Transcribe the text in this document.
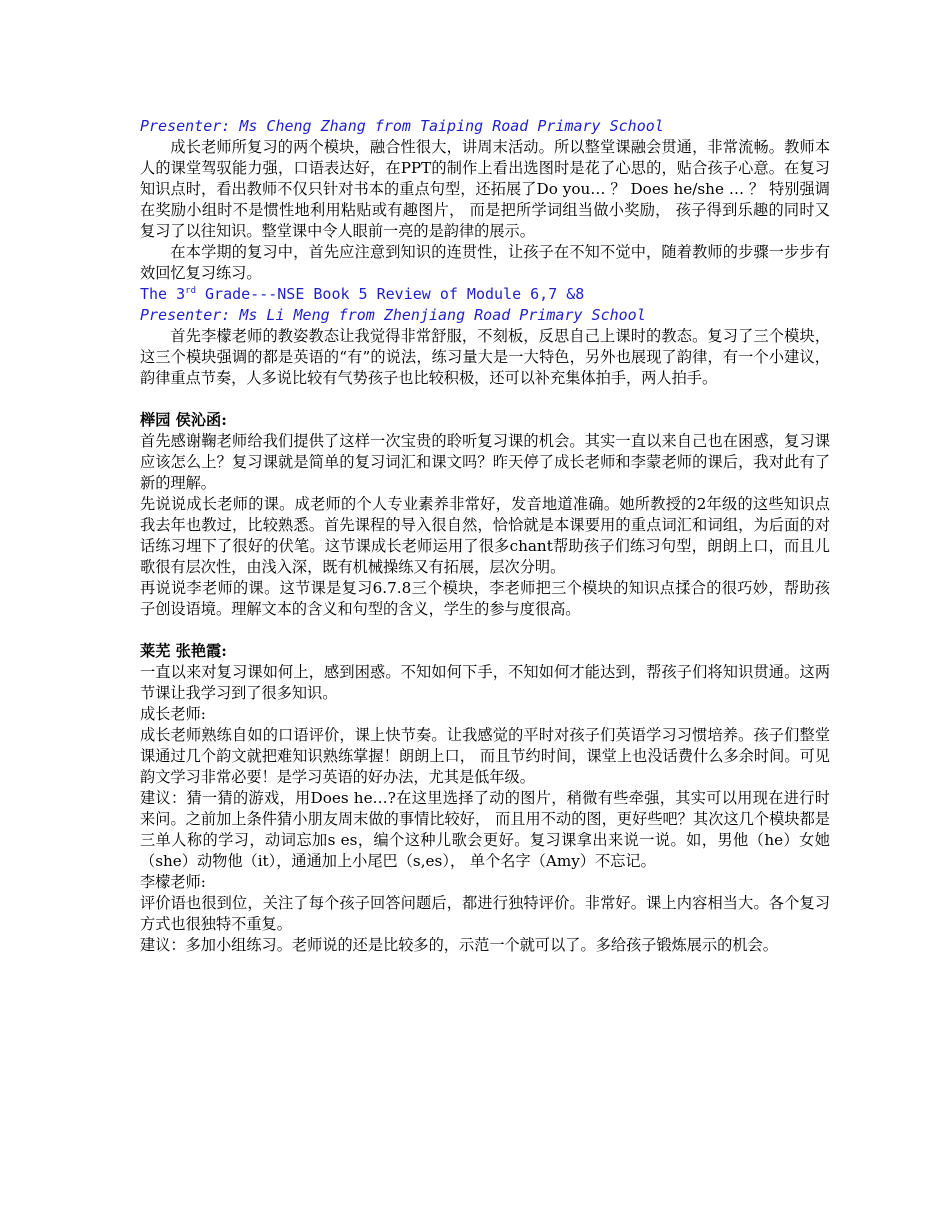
Presenter: Ms Cheng Zhang from Taiping Road Primary School

成长老师所复习的两个模块，融合性很大，讲周末活动。所以整堂课融会贯通，非常流畅。教师本人的课堂驾驭能力强，口语表达好，在PPT的制作上看出选图时是花了心思的，贴合孩子心意。在复习知识点时，看出教师不仅只针对书本的重点句型，还拓展了Do you… ？ Does he/she … ？ 特别强调在奖励小组时不是惯性地利用粘贴或有趣图片， 而是把所学词组当做小奖励， 孩子得到乐趣的同时又复习了以往知识。整堂课中令人眼前一亮的是韵律的展示。

在本学期的复习中，首先应注意到知识的连贯性，让孩子在不知不觉中，随着教师的步骤一步步有效回忆复习练习。

The 3rd Grade---NSE Book 5 Review of Module 6,7 &8

Presenter: Ms Li Meng from Zhenjiang Road Primary School

首先李檬老师的教姿教态让我觉得非常舒服，不刻板，反思自己上课时的教态。复习了三个模块，这三个模块强调的都是英语的“有”的说法，练习量大是一大特色，另外也展现了韵律，有一个小建议，韵律重点节奏，人多说比较有气势孩子也比较积极，还可以补充集体拍手，两人拍手。

榉园 侯沁函:

首先感谢鞠老师给我们提供了这样一次宝贵的聆听复习课的机会。其实一直以来自己也在困惑，复习课应该怎么上？复习课就是简单的复习词汇和课文吗？昨天停了成长老师和李蒙老师的课后，我对此有了新的理解。

先说说成长老师的课。成老师的个人专业素养非常好，发音地道准确。她所教授的2年级的这些知识点我去年也教过，比较熟悉。首先课程的导入很自然，恰恰就是本课要用的重点词汇和词组，为后面的对话练习埋下了很好的伏笔。这节课成长老师运用了很多chant帮助孩子们练习句型，朗朗上口，而且儿歌很有层次性，由浅入深，既有机械操练又有拓展，层次分明。

再说说李老师的课。这节课是复习6.7.8三个模块，李老师把三个模块的知识点揉合的很巧妙，帮助孩子创设语境。理解文本的含义和句型的含义，学生的参与度很高。

莱芜 张艳霞:

一直以来对复习课如何上，感到困惑。不知如何下手，不知如何才能达到，帮孩子们将知识贯通。这两节课让我学习到了很多知识。

成长老师:

成长老师熟练自如的口语评价，课上快节奏。让我感觉的平时对孩子们英语学习习惯培养。孩子们整堂课通过几个韵文就把难知识熟练掌握！朗朗上口， 而且节约时间，课堂上也没话费什么多余时间。可见韵文学习非常必要！是学习英语的好办法，尤其是低年级。

建议：猜一猜的游戏，用Does he…?在这里选择了动的图片，稍微有些牵强，其实可以用现在进行时来问。之前加上条件猜小朋友周末做的事情比较好， 而且用不动的图，更好些吧？其次这几个模块都是三单人称的学习，动词忘加s es，编个这种儿歌会更好。复习课拿出来说一说。如，男他（he）女她（she）动物他（it），通通加上小尾巴（s,es）， 单个名字（Amy）不忘记。

李檬老师:

评价语也很到位，关注了每个孩子回答问题后，都进行独特评价。非常好。课上内容相当大。各个复习方式也很独特不重复。

建议：多加小组练习。老师说的还是比较多的，示范一个就可以了。多给孩子锻炼展示的机会。
